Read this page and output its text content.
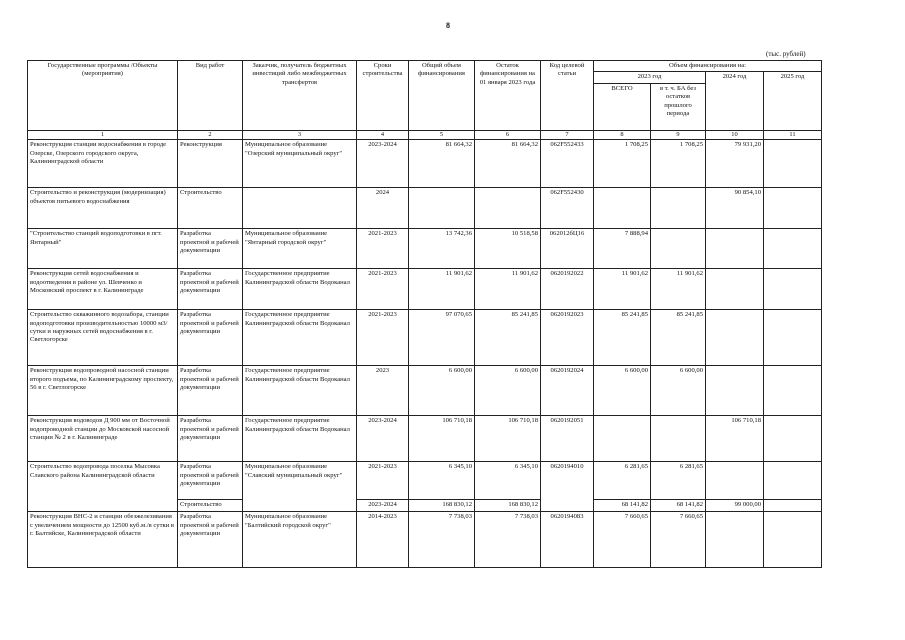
8
(тыс. рублей)
Государственные программы /Объекты (мероприятия)	Вид работ	Заказчик, получатель бюджетных инвестиций либо межбюджетных трансфертов	Сроки строительства	Общий объем финансирования	Остаток финансирования на 01 января 2023 года	Код целевой статьи	Объем финансирования на:			
							2023 год		2024 год	2025 год
							ВСЕГО	в т. ч. БА без остатков прошлого периода		
1	2	3	4	5	6	7	8	9	10	11
Реконструкция станции водоснабжения в городе Озерске, Озерского городского округа, Калининградской области	Реконструкция	Муниципальное образование "Озерский муниципальный округ"	2023-2024	81 664,32	81 664,32	062F552433	1 708,25	1 708,25	79 931,20	
Строительство и реконструкция (модернизация) объектов питьевого водоснабжения	Строительство		2024			062F552430			90 854,10	
"Строительство станций водоподготовки в пгт. Янтарный"	Разработка проектной и рабочей документации	Муниципальное образование "Янтарный городской округ"	2021-2023	13 742,36	10 518,58	062012бЦ16	7 888,94			
Реконструкция сетей водоснабжения и водоотведения в районе ул. Шевченко и Московский проспект в г. Калининграде	Разработка проектной и рабочей документации	Государственное предприятие Калининградской области Водоканал	2021-2023	11 901,62	11 901,62	0620192022	11 901,62	11 901,62		
Строительство скважинного водозабора, станции водоподготовки производительностью 10000 м3/сутки и наружных сетей водоснабжения в г. Светлогорске	Разработка проектной и рабочей документации	Государственное предприятие Калининградской области Водоканал	2021-2023	97 070,65	85 241,85	0620192023	85 241,85	85 241,85		
Реконструкция водопроводной насосной станции второго подъема, по Калининградскому проспекту, 56 в г. Светлогорске	Разработка проектной и рабочей документации	Государственное предприятие Калининградской области Водоканал	2023	6 600,00	6 600,00	0620192024	6 600,00	6 600,00		
Реконструкция водоводов Д 900 мм от Восточной водопроводной станции до Московской насосной станции № 2 в г. Калининграде	Разработка проектной и рабочей документации	Государственное предприятие Калининградской области Водоканал	2023-2024	106 710,18	106 710,18	0620192051			106 710,18	
Строительство водопровода поселка Мысовка Славского района Калининградской области	Разработка проектной и рабочей документации	Муниципальное образование "Славский муниципальный округ"	2021-2023	6 345,10	6 345,10	0620194010	6 281,65	6 281,65		
	Строительство		2023-2024	168 830,12	168 830,12		68 141,82	68 141,82	99 000,00	
Реконструкция ВНС-2 и станции обезжелезивания с увеличением мощности до 12500 куб.м./в сутки в г. Балтийске, Калининградской области	Разработка проектной и рабочей документации	Муниципальное образование "Балтийский городской округ"	2014-2023	7 738,03	7 738,03	0620194083	7 660,65	7 660,65		
